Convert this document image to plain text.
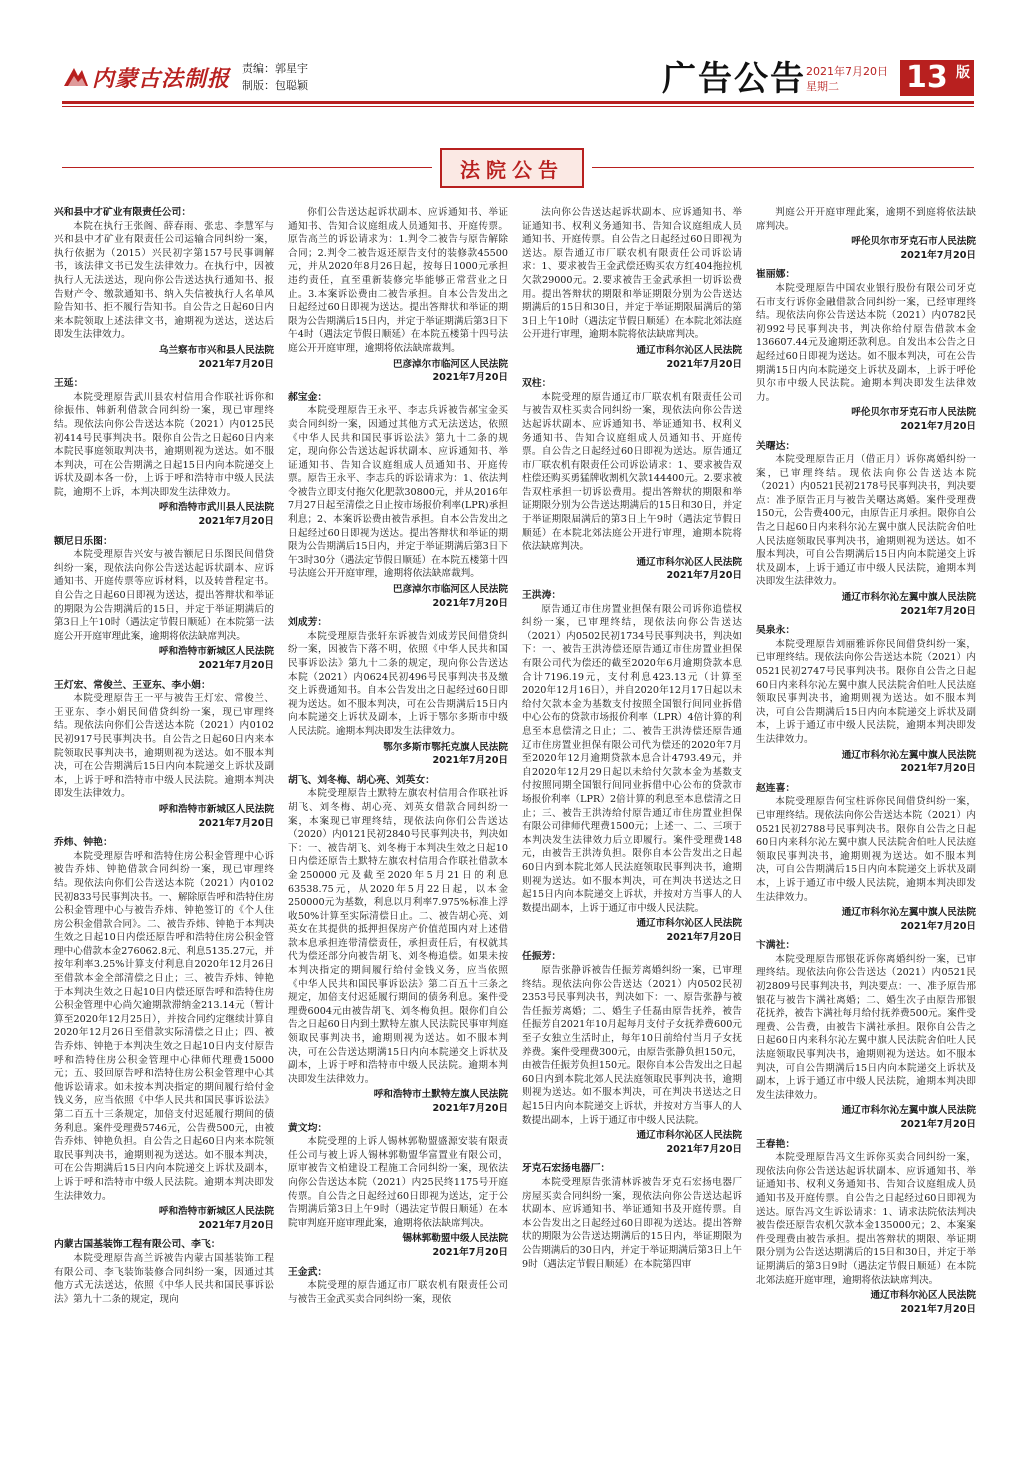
内蒙古法制报 责编：郭星宇
制版：包聪颖	广告公告 2021年7月20日
星期二	13 版
法院公告

兴和县中才矿业有限责任公司：

本院在执行王张阁、薛春雨、张忠、李慧军与兴和县中才矿业有限责任公司运输合同纠纷一案，执行依据为（2015）兴民初字第157号民事调解书，该法律文书已发生法律效力。在执行中，因被执行人无法送达，现向你公告送达执行通知书、报告财产令、缴款通知书、纳入失信被执行人名单风险告知书、拒不履行告知书。自公告之日起60日内来本院领取上述法律文书，逾期视为送达，送达后即发生法律效力。

乌兰察布市兴和县人民法院

2021年7月20日

王延：

本院受理原告武川县农村信用合作联社诉你和徐振伟、韩新利借款合同纠纷一案，现已审理终结。现依法向你公告送达本院（2021）内0125民初414号民事判决书。限你自公告之日起60日内来本院民事庭领取判决书，逾期则视为送达。如不服本判决，可在公告期满之日起15日内向本院递交上诉状及副本各一份，上诉于呼和浩特市中级人民法院，逾期不上诉，本判决即发生法律效力。

呼和浩特市武川县人民法院

2021年7月20日

额尼日乐图：

本院受理原告兴安与被告额尼日乐图民间借贷纠纷一案，现依法向你公告送达起诉状副本、应诉通知书、开庭传票等应诉材料，以及转普程定书。自公告之日起60日即视为送达，提出答辩状和举证的期限为公告期满后的15日，并定于举证期满后的第3日上午10时（遇法定节假日顺延）在本院第一法庭公开开庭审理此案，逾期将依法缺席判决。

呼和浩特市新城区人民法院

2021年7月20日

王灯宏、常俊兰、王亚东、李小娟：

本院受理原告王一平与被告王灯宏、常俊兰、王亚东、李小娟民间借贷纠纷一案，现已审理终结。现依法向你们公告送达本院（2021）内0102民初917号民事判决书。自公告之日起60日内来本院领取民事判决书，逾期则视为送达。如不服本判决，可在公告期满后15日内向本院递交上诉状及副本，上诉于呼和浩特市中级人民法院。逾期本判决即发生法律效力。

呼和浩特市新城区人民法院

2021年7月20日

乔炜、钟艳：

本院受理原告呼和浩特住房公积金管理中心诉被告乔炜、钟艳借款合同纠纷一案，现已审理终结。现依法向你们公告送达本院（2021）内0102民初833号民事判决书。一、解除原告呼和浩特住房公积金管理中心与被告乔炜、钟艳签订的《个人住房公积金借款合同》。二、被告乔炜、钟艳于本判决生效之日起10日内偿还原告呼和浩特住房公积金管理中心借款本金276062.8元、利息5135.27元，并按年利率3.25%计算支付利息自2020年12月26日至借款本金全部清偿之日止；三、被告乔炜、钟艳于本判决生效之日起10日内偿还原告呼和浩特住房公积金管理中心尚欠逾期款滞纳金213.14元（暂计算至2020年12月25日），并按合同约定继续计算自2020年12月26日至借款实际清偿之日止；四、被告乔炜、钟艳于本判决生效之日起10日内支付原告呼和浩特住房公积金管理中心律师代理费15000元；五、驳回原告呼和浩特住房公积金管理中心其他诉讼请求。如未按本判决指定的期间履行给付金钱义务，应当依照《中华人民共和国民事诉讼法》第二百五十三条规定，加倍支付迟延履行期间的债务利息。案件受理费5746元，公告费500元，由被告乔炜、钟艳负担。自公告之日起60日内来本院领取民事判决书，逾期则视为送达。如不服本判决，可在公告期满后15日内向本院递交上诉状及副本，上诉于呼和浩特市中级人民法院。逾期本判决即发生法律效力。

呼和浩特市新城区人民法院

2021年7月20日

内蒙古国基装饰工程有限公司、李飞：

本院受理原告高兰诉被告内蒙古国基装饰工程有限公司、李飞装饰装修合同纠纷一案，因通过其他方式无法送达，依照《中华人民共和国民事诉讼法》第九十二条的规定，现向

你们公告送达起诉状副本、应诉通知书、举证通知书、告知合议庭组成人员通知书、开庭传票。原告高兰的诉讼请求为：1.判令二被告与原告解除合同；2.判令二被告返还原告支付的装修款45500元，并从2020年8月26日起，按每日1000元承担违约责任，直至重新装修完毕能够正常营业之日止。3.本案诉讼费由二被告承担。自本公告发出之日起经过60日即视为送达。提出答辩状和举证的期限为公告期满后15日内，并定于举证期满后第3日下午4时（遇法定节假日顺延）在本院五楼第十四号法庭公开开庭审理，逾期将依法缺席裁判。

巴彦淖尔市临河区人民法院

2021年7月20日

郝宝金：

本院受理原告王永平、李志兵诉被告郝宝金买卖合同纠纷一案，因通过其他方式无法送达，依照《中华人民共和国民事诉讼法》第九十二条的规定，现向你公告送达起诉状副本、应诉通知书、举证通知书、告知合议庭组成人员通知书、开庭传票。原告王永平、李志兵的诉讼请求为：1、依法判令被告立即支付拖欠化肥款30800元，并从2016年7月27日起至清偿之日止按市场报价利率(LPR)承担利息；2、本案诉讼费由被告承担。自本公告发出之日起经过60日即视为送达。提出答辩状和举证的期限为公告期满后15日内，并定于举证期满后第3日下午3时30分（遇法定节假日顺延）在本院五楼第十四号法庭公开开庭审理，逾期将依法缺席裁判。

巴彦淖尔市临河区人民法院

2021年7月20日

刘成芳：

本院受理原告张轩东诉被告刘成芳民间借贷纠纷一案，因被告下落不明，依照《中华人民共和国民事诉讼法》第九十二条的规定，现向你公告送达本院（2021）内0624民初496号民事判决书及缴交上诉费通知书。自本公告发出之日起经过60日即视为送达。如不服本判决，可在公告期满后15日内向本院递交上诉状及副本，上诉于鄂尔多斯市中级人民法院。逾期本判决即发生法律效力。

鄂尔多斯市鄂托克旗人民法院

2021年7月20日

胡飞、刘冬梅、胡心亮、刘英女：

本院受理原告土默特左旗农村信用合作联社诉胡飞、刘冬梅、胡心亮、刘英女借款合同纠纷一案，本案现已审理终结，现依法向你们公告送达（2020）内0121民初2840号民事判决书，判决如下：一、被告胡飞、刘冬梅于本判决生效之日起10日内偿还原告土默特左旗农村信用合作联社借款本金250000元及截至2020年5月21日的利息63538.75元，从2020年5月22日起，以本金250000元为基数，利息以月利率7.975%标准上浮收50%计算至实际清偿日止。二、被告胡心亮、刘英女在其提供的抵押担保房产价值范围内对上述借款本息承担连带清偿责任，承担责任后，有权就其代为偿还部分向被告胡飞、刘冬梅追偿。如果未按本判决指定的期间履行给付金钱义务，应当依照《中华人民共和国民事诉讼法》第二百五十三条之规定，加倍支付迟延履行期间的债务利息。案件受理费6004元由被告胡飞、刘冬梅负担。限你们自公告之日起60日内到土默特左旗人民法院民事审判庭领取民事判决书，逾期则视为送达。如不服本判决，可在公告送达期满15日内向本院递交上诉状及副本，上诉于呼和浩特市中级人民法院。逾期本判决即发生法律效力。

呼和浩特市土默特左旗人民法院

2021年7月20日

黄文均：

本院受理的上诉人锡林郭勒盟盛源安装有限责任公司与被上诉人锡林郭勒盟华富置业有限公司，原审被告文柏建设工程施工合同纠纷一案，现依法向你公告送达本院（2021）内25民终1175号开庭传票。自公告之日起经过60日即视为送达，定于公告期满后第3日上午9时（遇法定节假日顺延）在本院审判庭开庭审理此案，逾期将依法缺席判决。

锡林郭勒盟中级人民法院

2021年7月20日

王金武：

本院受理的原告通辽市厂联农机有限责任公司与被告王金武买卖合同纠纷一案，现依

法向你公告送达起诉状副本、应诉通知书、举证通知书、权利义务通知书、告知合议庭组成人员通知书、开庭传票。自公告之日起经过60日即视为送达。原告通辽市厂联农机有限责任公司诉讼请求：1、要求被告王金武偿还购买农方红404拖拉机欠款29000元。2.要求被告王金武承担一切诉讼费用。提出答辩状的期限和举证期限分别为公告送达期满后的15日和30日，并定于举证期限届满后的第3日上午10时（遇法定节假日顺延）在本院北郊法庭公开进行审理，逾期本院将依法缺席判决。

通辽市科尔沁区人民法院

2021年7月20日

双柱：

本院受理的原告通辽市厂联农机有限责任公司与被告双柱买卖合同纠纷一案，现依法向你公告送达起诉状副本、应诉通知书、举证通知书、权利义务通知书、告知合议庭组成人员通知书、开庭传票。自公告之日起经过60日即视为送达。原告通辽市厂联农机有限责任公司诉讼请求：1、要求被告双柱偿还购买勇猛牌收割机欠款144400元。2.要求被告双柱承担一切诉讼费用。提出答辩状的期限和举证期限分别为公告送达期满后的15日和30日，并定于举证期限届满后的第3日上午9时（遇法定节假日顺延）在本院北郊法庭公开进行审理，逾期本院将依法缺席判决。

通辽市科尔沁区人民法院

2021年7月20日

王洪涛：

原告通辽市住房置业担保有限公司诉你追偿权纠纷一案，已审理终结，现依法向你公告送达（2021）内0502民初1734号民事判决书，判决如下：一、被告王洪涛偿还原告通辽市住房置业担保有限公司代为偿还的截至2020年6月逾期贷款本息合计7196.19元，支付利息423.13元（计算至2020年12月16日），并自2020年12月17日起以未给付欠款本金为基数支付按照全国银行间同业拆借中心公布的贷款市场报价利率（LPR）4倍计算的利息至本息偿清之日止；二、被告王洪涛偿还原告通辽市住房置业担保有限公司代为偿还的2020年7月至2020年12月逾期贷款本息合计4793.49元，并自2020年12月29日起以未给付欠款本金为基数支付按照同期全国银行间同业拆借中心公布的贷款市场报价利率（LPR）2倍计算的利息至本息偿清之日止；三、被告王洪涛给付原告通辽市住房置业担保有限公司律师代理费1500元；上述一、二、三项于本判决发生法律效力后立即履行。案件受理费148元，由被告王洪涛负担。限你自本公告发出之日起60日内到本院北郊人民法庭领取民事判决书，逾期则视为送达。如不服本判决，可在判决书送达之日起15日内向本院递交上诉状，并按对方当事人的人数提出副本，上诉于通辽市中级人民法院。

通辽市科尔沁区人民法院

2021年7月20日

任振芳：

原告张静诉被告任振芳离婚纠纷一案，已审理终结。现依法向你公告送达（2021）内0502民初2353号民事判决书，判决如下：一、原告张静与被告任振芳离婚；二、婚生子任磊由原告抚养，被告任振芳自2021年10月起每月支付子女抚养费600元至子女独立生活时止，每年10日前给付当月子女抚养费。案件受理费300元，由原告张静负担150元，由被告任振芳负担150元。限你自本公告发出之日起60日内到本院北郊人民法庭领取民事判决书，逾期则视为送达。如不服本判决，可在判决书送达之日起15日内向本院递交上诉状，并按对方当事人的人数提出副本，上诉于通辽市中级人民法院。

通辽市科尔沁区人民法院

2021年7月20日

牙克石宏扬电器厂：

本院受理原告张清林诉被告牙克石宏扬电器厂房屋买卖合同纠纷一案，现依法向你公告送达起诉状副本、应诉通知书、举证通知书及开庭传票。自本公告发出之日起经过60日即视为送达。提出答辩状的期限为公告送达期满后的15日内，举证期限为公告期满后的30日内，并定于举证期满后第3日上午9时（遇法定节假日顺延）在本院第四审

判庭公开开庭审理此案，逾期不到庭将依法缺席判决。

呼伦贝尔市牙克石市人民法院

2021年7月20日

崔丽娜：

本院受理原告中国农业银行股份有限公司牙克石市支行诉你金融借款合同纠纷一案，已经审理终结。现依法向你公告送达本院（2021）内0782民初992号民事判决书，判决你给付原告借款本金136607.44元及逾期还款利息。自发出本公告之日起经过60日即视为送达。如不服本判决，可在公告期满15日内向本院递交上诉状及副本，上诉于呼伦贝尔市中级人民法院。逾期本判决即发生法律效力。

呼伦贝尔市牙克石市人民法院

2021年7月20日

关曙达：

本院受理原告正月（借正月）诉你离婚纠纷一案，已审理终结。现依法向你公告送达本院（2021）内0521民初2178号民事判决书，判决要点：准予原告正月与被告关曙达离婚。案件受理费150元，公告费400元，由原告正月承担。限你自公告之日起60日内来科尔沁左翼中旗人民法院舍伯吐人民法庭领取民事判决书，逾期则视为送达。如不服本判决，可自公告期满后15日内向本院递交上诉状及副本，上诉于通辽市中级人民法院，逾期本判决即发生法律效力。

通辽市科尔沁左翼中旗人民法院

2021年7月20日

吴泉永：

本院受理原告刘丽雅诉你民间借贷纠纷一案，已审理终结。现依法向你公告送达本院（2021）内0521民初2747号民事判决书。限你自公告之日起60日内来科尔沁左翼中旗人民法院舍伯吐人民法庭领取民事判决书，逾期则视为送达。如不服本判决，可自公告期满后15日内向本院递交上诉状及副本，上诉于通辽市中级人民法院，逾期本判决即发生法律效力。

通辽市科尔沁左翼中旗人民法院

2021年7月20日

赵连喜：

本院受理原告何宝柱诉你民间借贷纠纷一案，已审理终结。现依法向你公告送达本院（2021）内0521民初2788号民事判决书。限你自公告之日起60日内来科尔沁左翼中旗人民法院舍伯吐人民法庭领取民事判决书，逾期则视为送达。如不服本判决，可自公告期满后15日内向本院递交上诉状及副本，上诉于通辽市中级人民法院，逾期本判决即发生法律效力。

通辽市科尔沁左翼中旗人民法院

2021年7月20日

卞满社：

本院受理原告邢银花诉你离婚纠纷一案，已审理终结。现依法向你公告送达（2021）内0521民初2809号民事判决书，判决要点：一、准予原告邢银花与被告卞满社离婚；二、婚生次子由原告邢银花抚养，被告卞满社每月给付抚养费500元。案件受理费、公告费，由被告卞满社承担。限你自公告之日起60日内来科尔沁左翼中旗人民法院舍伯吐人民法庭领取民事判决书，逾期则视为送达。如不服本判决，可自公告期满后15日内向本院递交上诉状及副本，上诉于通辽市中级人民法院，逾期本判决即发生法律效力。

通辽市科尔沁左翼中旗人民法院

2021年7月20日

王春艳：

本院受理原告冯文生诉你买卖合同纠纷一案，现依法向你公告送达起诉状副本、应诉通知书、举证通知书、权利义务通知书、告知合议庭组成人员通知书及开庭传票。自公告之日起经过60日即视为送达。原告冯文生诉讼请求：1、请求法院依法判决被告偿还原告农机欠款本金135000元；2、本案案件受理费由被告承担。提出答辩状的期限、举证期限分别为公告送达期满后的15日和30日，并定于举证期满后的第3日9时（遇法定节假日顺延）在本院北郊法庭开庭审理，逾期将依法缺席判决。

通辽市科尔沁区人民法院

2021年7月20日
